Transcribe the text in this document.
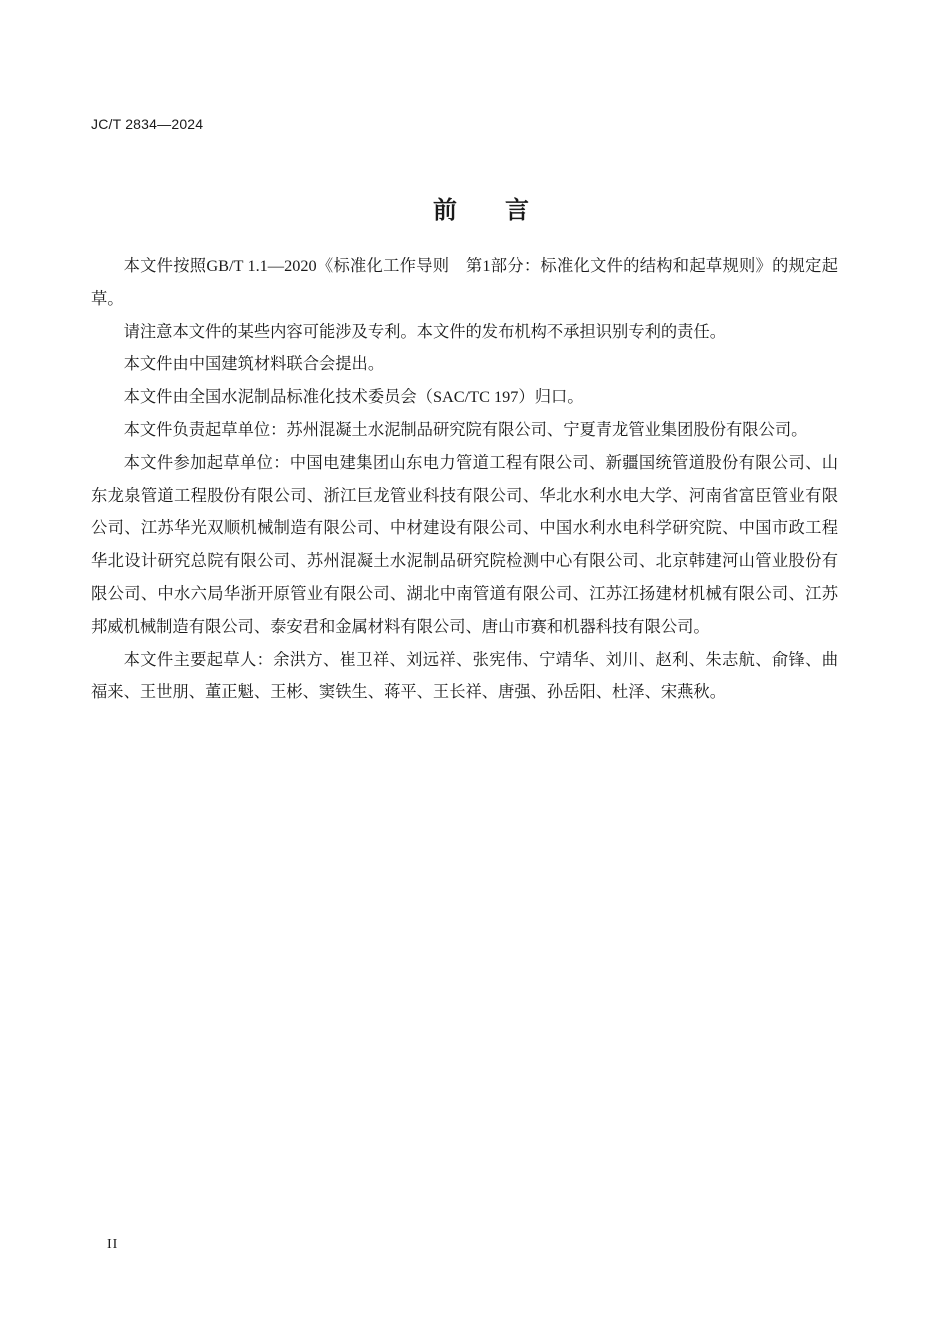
JC/T 2834—2024
前　　言

本文件按照GB/T 1.1—2020《标准化工作导则　第1部分：标准化文件的结构和起草规则》的规定起草。

请注意本文件的某些内容可能涉及专利。本文件的发布机构不承担识别专利的责任。

本文件由中国建筑材料联合会提出。

本文件由全国水泥制品标准化技术委员会（SAC/TC 197）归口。

本文件负责起草单位：苏州混凝土水泥制品研究院有限公司、宁夏青龙管业集团股份有限公司。

本文件参加起草单位：中国电建集团山东电力管道工程有限公司、新疆国统管道股份有限公司、山东龙泉管道工程股份有限公司、浙江巨龙管业科技有限公司、华北水利水电大学、河南省富臣管业有限公司、江苏华光双顺机械制造有限公司、中材建设有限公司、中国水利水电科学研究院、中国市政工程华北设计研究总院有限公司、苏州混凝土水泥制品研究院检测中心有限公司、北京韩建河山管业股份有限公司、中水六局华浙开原管业有限公司、湖北中南管道有限公司、江苏江扬建材机械有限公司、江苏邦威机械制造有限公司、泰安君和金属材料有限公司、唐山市赛和机器科技有限公司。

本文件主要起草人：余洪方、崔卫祥、刘远祥、张宪伟、宁靖华、刘川、赵利、朱志航、俞锋、曲福来、王世朋、董正魁、王彬、窦铁生、蒋平、王长祥、唐强、孙岳阳、杜泽、宋燕秋。

II
